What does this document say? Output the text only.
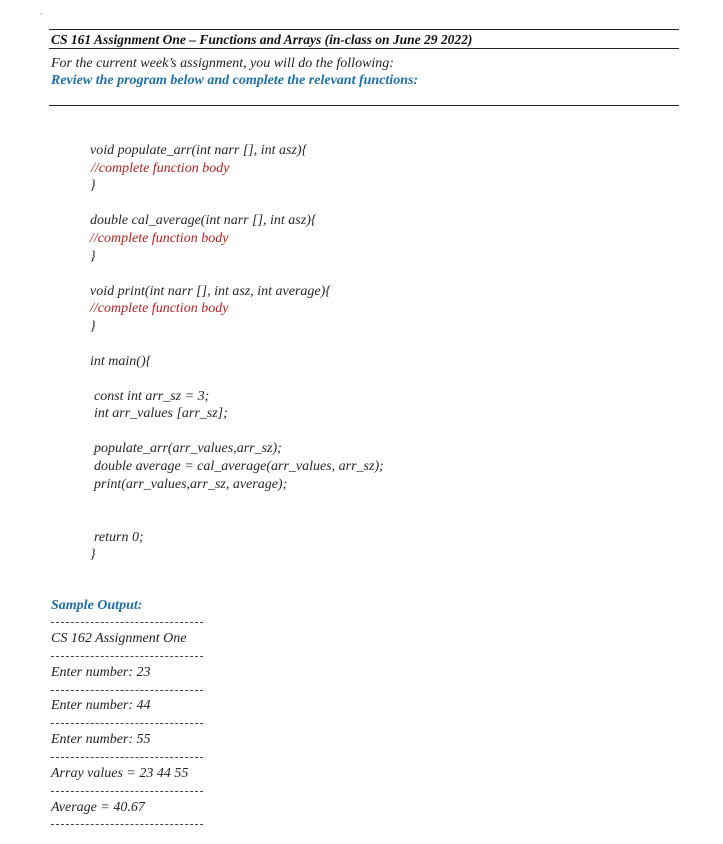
·
CS 161 Assignment One – Functions and Arrays (in-class on June 29 2022)
For the current week’s assignment, you will do the following:
Review the program below and complete the relevant functions:
void populate_arr(int narr [], int asz){
//complete function body
}
double cal_average(int narr [], int asz){
//complete function body
}
void print(int narr [], int asz, int average){
//complete function body
}
int main(){
const int arr_sz = 3;
int arr_values [arr_sz];
populate_arr(arr_values,arr_sz);
double average = cal_average(arr_values, arr_sz);
print(arr_values,arr_sz, average);
return 0;
}
Sample Output:
CS 162 Assignment One
Enter number: 23
Enter number: 44
Enter number: 55
Array values = 23 44 55
Average = 40.67
